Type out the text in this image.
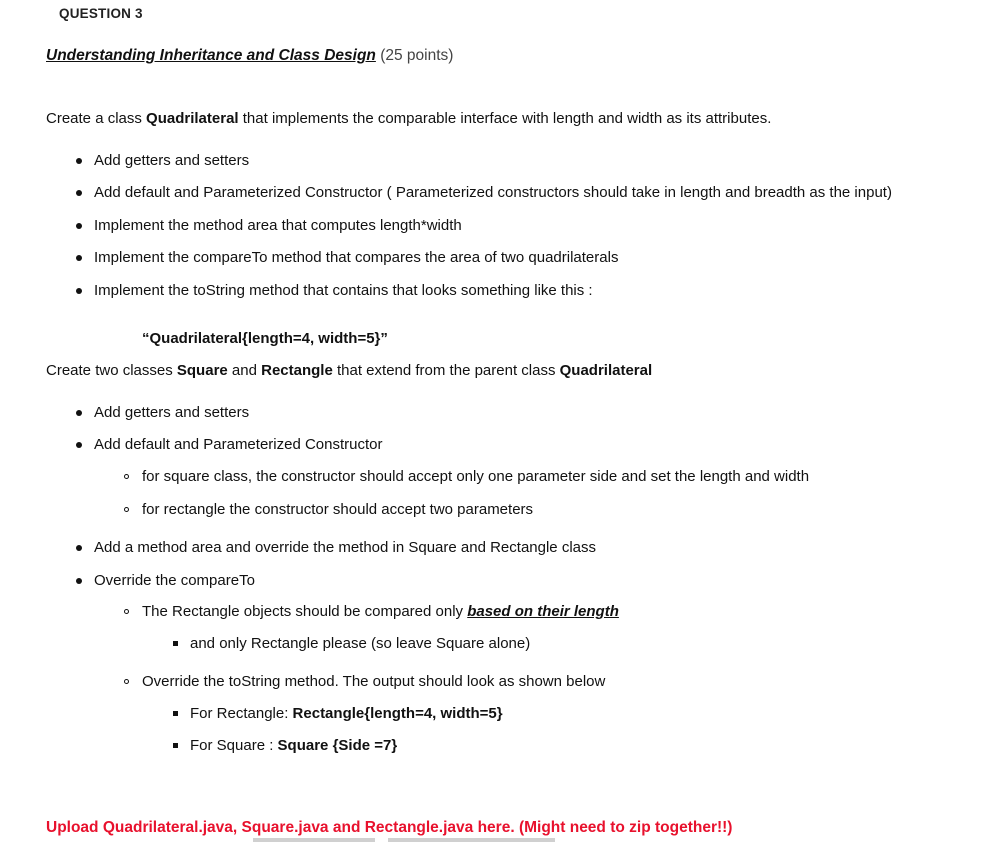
QUESTION 3
Understanding Inheritance and Class Design (25 points)
Create a class Quadrilateral that implements the comparable interface with length and width as its attributes.
Add getters and setters
Add default and Parameterized Constructor ( Parameterized constructors should take in length and breadth as the input)
Implement the method area that computes length*width
Implement the compareTo method that compares the area of two quadrilaterals
Implement the toString method that contains that looks something like this :
“Quadrilateral{length=4, width=5}”
Create two classes Square and Rectangle that extend from the parent class Quadrilateral
Add getters and setters
Add default and Parameterized Constructor
for square class, the constructor should accept only one parameter side and set the length and width
for rectangle the constructor should accept two parameters
Add a method area and override the method in Square and Rectangle class
Override the compareTo
The Rectangle objects should be compared only based on their length
and only Rectangle please (so leave Square alone)
Override the toString method. The output should look as shown below
For Rectangle: Rectangle{length=4, width=5}
For Square : Square {Side =7}
Upload Quadrilateral.java, Square.java and Rectangle.java here. (Might need to zip together!!)
